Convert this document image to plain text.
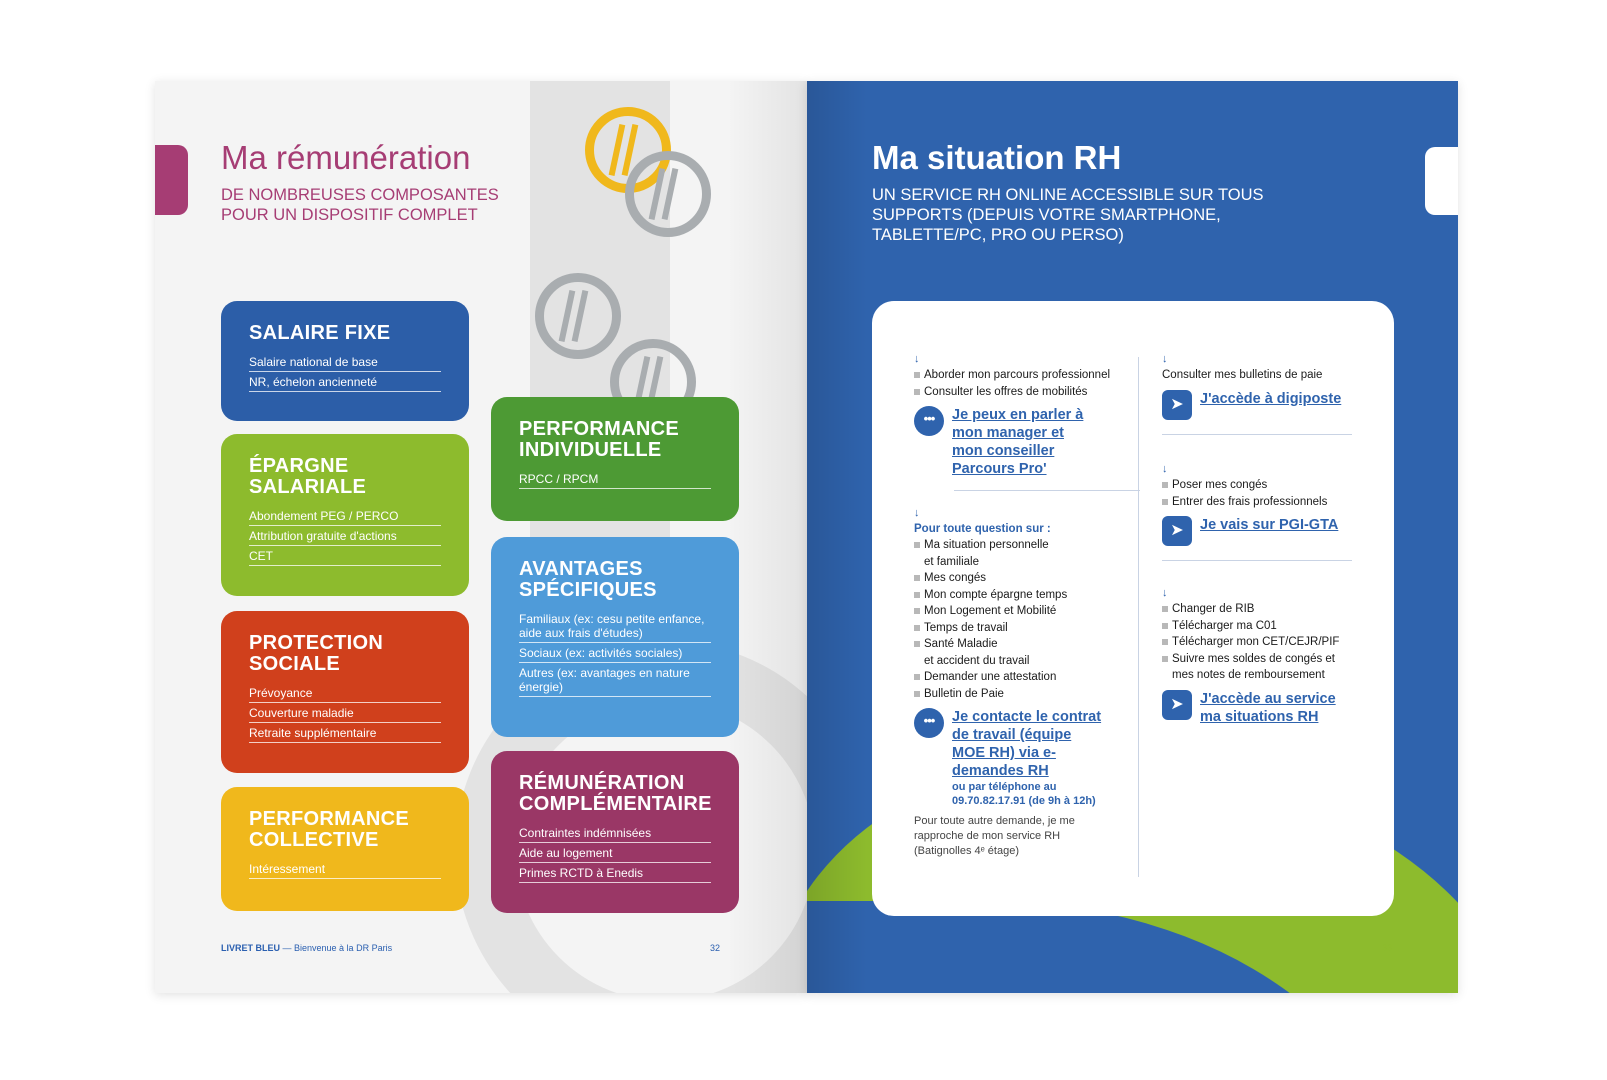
Ma rémunération
DE NOMBREUSES COMPOSANTES POUR UN DISPOSITIF COMPLET
SALAIRE FIXE
Salaire national de base
NR, échelon ancienneté
ÉPARGNE SALARIALE
Abondement PEG / PERCO
Attribution gratuite d'actions
CET
PROTECTION SOCIALE
Prévoyance
Couverture maladie
Retraite supplémentaire
PERFORMANCE COLLECTIVE
Intéressement
PERFORMANCE INDIVIDUELLE
RPCC / RPCM
AVANTAGES SPÉCIFIQUES
Familiaux (ex: cesu petite enfance, aide aux frais d'études)
Sociaux (ex: activités sociales)
Autres (ex: avantages en nature énergie)
RÉMUNÉRATION COMPLÉMENTAIRE
Contraintes indémnisées
Aide au logement
Primes RCTD à Enedis
LIVRET BLEU — Bienvenue à la DR Paris	32
Ma situation RH
UN SERVICE RH ONLINE ACCESSIBLE SUR TOUS SUPPORTS (DEPUIS VOTRE SMARTPHONE, TABLETTE/PC, PRO OU PERSO)
↓
Aborder mon parcours professionnel
Consulter les offres de mobilités
•••	Je peux en parler à mon manager et mon conseiller Parcours Pro'
↓
Pour toute question sur :
Ma situation personnelle
et familiale
Mes congés
Mon compte épargne temps
Mon Logement et Mobilité
Temps de travail
Santé Maladie
et accident du travail
Demander une attestation
Bulletin de Paie
•••	Je contacte le contrat de travail (équipe MOE RH) via e-demandes RH
ou par téléphone au 09.70.82.17.91 (de 9h à 12h)
Pour toute autre demande, je me rapproche de mon service RH (Batignolles 4ᵉ étage)
↓
Consulter mes bulletins de paie
➤	J'accède à digiposte
↓
Poser mes congés
Entrer des frais professionnels
➤	Je vais sur PGI-GTA
↓
Changer de RIB
Télécharger ma C01
Télécharger mon CET/CEJR/PIF
Suivre mes soldes de congés et mes notes de remboursement
➤	J'accède au service ma situations RH
33
